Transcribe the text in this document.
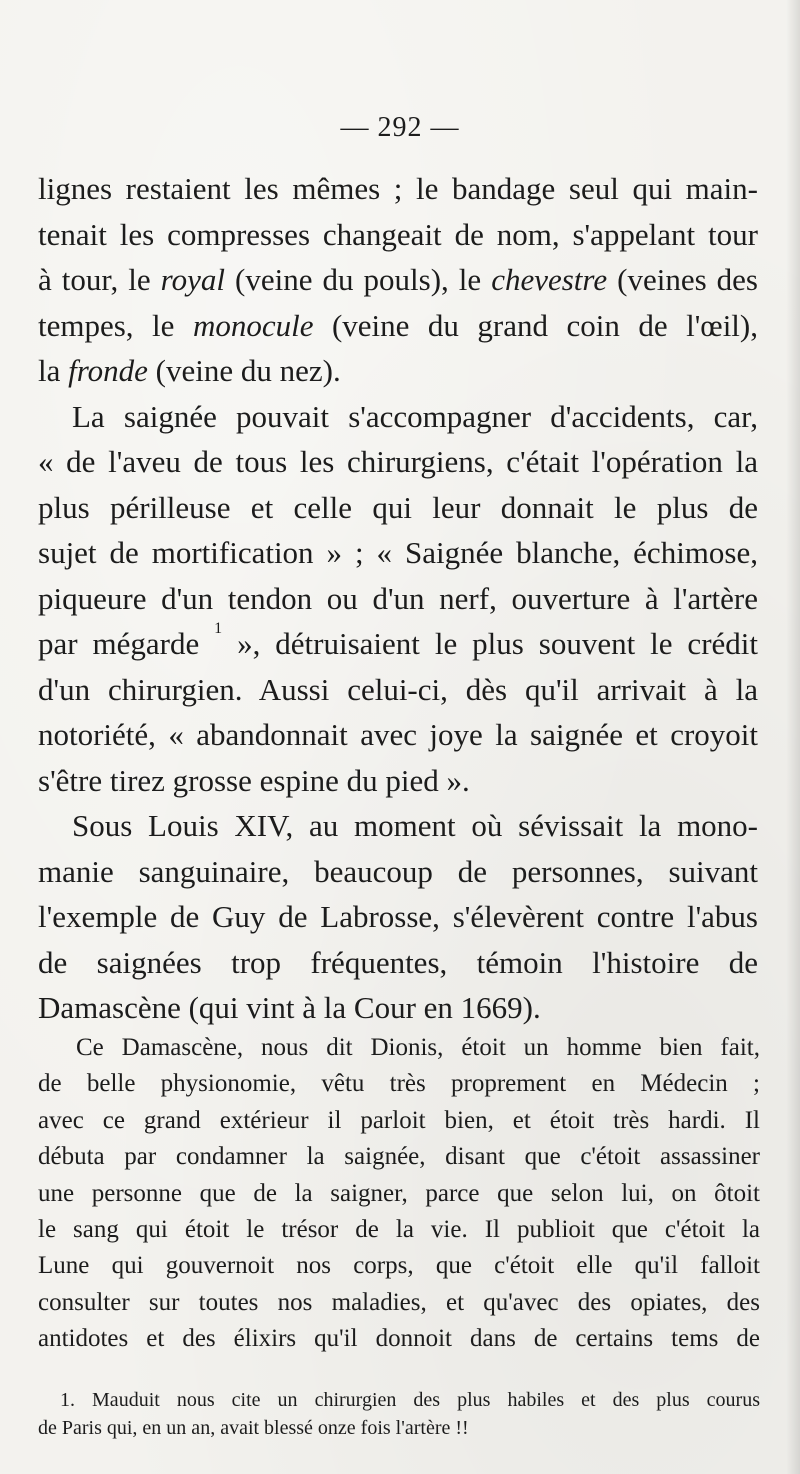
— 292 —
lignes restaient les mêmes ; le bandage seul qui main-
tenait les compresses changeait de nom, s'appelant tour
à tour, le royal (veine du pouls), le chevestre (veines des
tempes, le monocule (veine du grand coin de l'œil),
la fronde (veine du nez).
La saignée pouvait s'accompagner d'accidents, car,
« de l'aveu de tous les chirurgiens, c'était l'opération la
plus périlleuse et celle qui leur donnait le plus de
sujet de mortification » ; « Saignée blanche, échimose,
piqueure d'un tendon ou d'un nerf, ouverture à l'artère
par mégarde $^1$ », détruisaient le plus souvent le crédit
d'un chirurgien. Aussi celui-ci, dès qu'il arrivait à la
notoriété, « abandonnait avec joye la saignée et croyoit
s'être tirez grosse espine du pied ».
Sous Louis XIV, au moment où sévissait la mono-
manie sanguinaire, beaucoup de personnes, suivant
l'exemple de Guy de Labrosse, s'élevèrent contre l'abus
de saignées trop fréquentes, témoin l'histoire de
Damascène (qui vint à la Cour en 1669).
Ce Damascène, nous dit Dionis, étoit un homme bien fait,
de belle physionomie, vêtu très proprement en Médecin ;
avec ce grand extérieur il parloit bien, et étoit très hardi. Il
débuta par condamner la saignée, disant que c'étoit assassiner
une personne que de la saigner, parce que selon lui, on ôtoit
le sang qui étoit le trésor de la vie. Il publioit que c'étoit la
Lune qui gouvernoit nos corps, que c'étoit elle qu'il falloit
consulter sur toutes nos maladies, et qu'avec des opiates, des
antidotes et des élixirs qu'il donnoit dans de certains tems de
1. Mauduit nous cite un chirurgien des plus habiles et des plus courus
de Paris qui, en un an, avait blessé onze fois l'artère !!
